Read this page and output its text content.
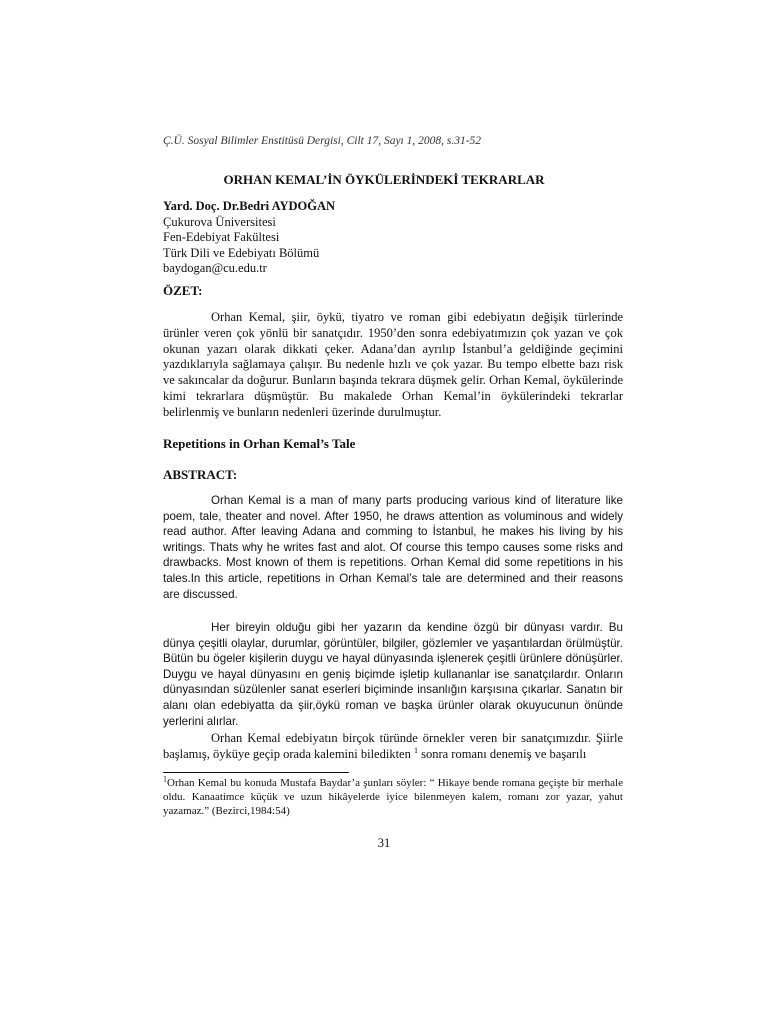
Ç.Ü. Sosyal Bilimler Enstitüsü Dergisi, Cilt 17, Sayı 1, 2008, s.31-52
ORHAN KEMAL’İN ÖYKÜLERİNDEKİ TEKRARLAR
Yard. Doç. Dr.Bedri AYDOĞAN
Çukurova Üniversitesi
Fen-Edebiyat Fakültesi
Türk Dili ve Edebiyatı Bölümü
baydogan@cu.edu.tr
ÖZET:
Orhan Kemal, şiir, öykü, tiyatro ve roman gibi edebiyatın değişik türlerinde ürünler veren çok yönlü bir sanatçıdır. 1950’den sonra edebiyatımızın çok yazan ve çok okunan yazarı olarak dikkati çeker. Adana’dan ayrılıp İstanbul’a geldiğinde geçimini yazdıklarıyla sağlamaya çalışır. Bu nedenle hızlı ve çok yazar. Bu tempo elbette bazı risk ve sakıncalar da doğurur. Bunların başında tekrara düşmek gelir. Orhan Kemal, öykülerinde kimi tekrarlara düşmüştür. Bu makalede Orhan Kemal’in öykülerindeki tekrarlar belirlenmiş ve bunların nedenleri üzerinde durulmuştur.
Repetitions in Orhan Kemal’s Tale
ABSTRACT:
Orhan Kemal is a man of many parts producing various kind of literature like poem, tale, theater and novel. After 1950, he draws attention as voluminous and widely read author. After leaving Adana and comming to İstanbul, he makes his living by his writings. Thats why he writes fast and alot. Of course this tempo causes some risks and drawbacks. Most known of them is repetitions. Orhan Kemal did some repetitions in his tales.In this article, repetitions in Orhan Kemal’s tale are determined and their reasons are discussed.
Her bireyin olduğu gibi her yazarın da kendine özgü bir dünyası vardır. Bu dünya çeşitli olaylar, durumlar, görüntüler, bilgiler, gözlemler ve yaşantılardan örülmüştür. Bütün bu ögeler kişilerin duygu ve hayal dünyasında işlenerek çeşitli ürünlere dönüşürler. Duygu ve hayal dünyasını en geniş biçimde işletip kullananlar ise sanatçılardır. Onların dünyasından süzülenler sanat eserleri biçiminde insanlığın karşısına çıkarlar. Sanatın bir alanı olan edebiyatta da şiir,öykü roman ve başka ürünler olarak okuyucunun önünde yerlerini alırlar.
Orhan Kemal edebiyatın birçok türünde örnekler veren bir sanatçımızdır. Şiirle başlamış, öyküye geçip orada kalemini biledikten $^1$ sonra romanı denemiş ve başarılı
$^1$Orhan Kemal bu konuda Mustafa Baydar’a şunları söyler: “ Hikaye bende romana geçişte bir merhale oldu. Kanaatimce küçük ve uzun hikâyelerde iyice bilenmeyen kalem, romanı zor yazar, yahut yazamaz.” (Bezirci,1984:54)
31
